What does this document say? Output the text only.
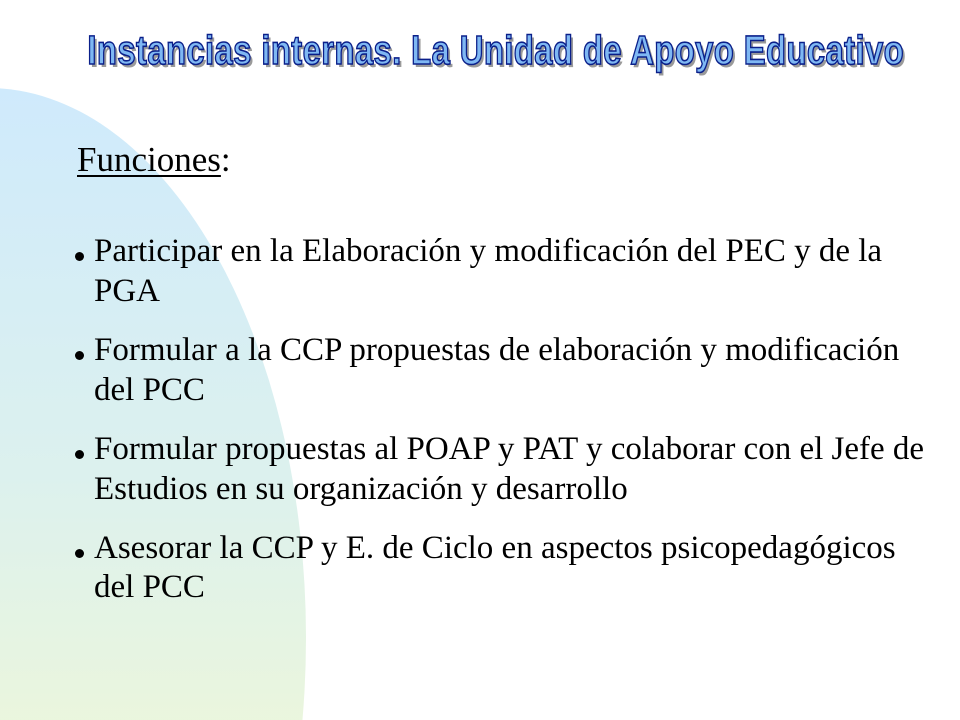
Instancias internas. La Unidad de Apoyo Educativo
Funciones:
Participar en la Elaboración y modificación del PEC y de la PGA
Formular a la CCP propuestas de elaboración y modificación del PCC
Formular propuestas al POAP y PAT y colaborar con el Jefe de Estudios en su organización y desarrollo
Asesorar la CCP y E. de Ciclo en aspectos psicopedagógicos del PCC
